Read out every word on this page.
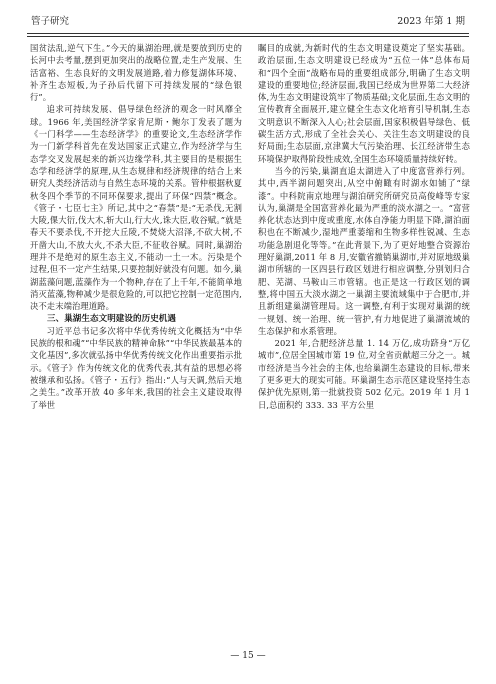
管子研究	2023 年第 1 期

国贫法乱,逆气下生。”今天的巢湖治理,就是要放到历史的长河中去考量,摆到更加突出的战略位置,走生产发展、生活富裕、生态良好的文明发展道路,着力修复湖体环境、补齐生态短板,为子孙后代留下可持续发展的“绿色银行”。

追求可持续发展、倡导绿色经济的观念一时风靡全球。1966 年,美国经济学家肯尼斯・鲍尔丁发表了题为《一门科学——生态经济学》的重要论文,生态经济学作为一门新学科首先在发达国家正式建立,作为经济学与生态学交叉发展起来的新兴边缘学科,其主要目的是根据生态学和经济学的原理,从生态规律和经济规律的结合上来研究人类经济活动与自然生态环境的关系。管仲根据秋夏秋冬四个季节的不同环保要求,提出了环保“四禁”概念。《管子・七臣七主》所记,其中之“春禁”是:“无杀伐,无割大陵,倮大衍,伐大木,斩大山,行大火,诛大臣,收谷赋。”就是春天不要杀伐,不开挖大丘陵,不焚烧大沼泽,不砍大树,不开凿大山,不放大火,不杀大臣,不征收谷赋。同时,巢湖治理并不是绝对的原生态主义,不能动一土一木。污染是个过程,但不一定产生结果,只要控制好就没有问题。如今,巢湖蓝藻问题,蓝藻作为一个物种,存在了上千年,不能简单地消灭蓝藻,物种减少是很危险的,可以把它控制一定范围内,决不走末端治理道路。

三、巢湖生态文明建设的历史机遇

习近平总书记多次将中华优秀传统文化概括为“中华民族的根和魂”“中华民族的精神命脉”“中华民族最基本的文化基因”,多次就弘扬中华优秀传统文化作出重要指示批示。《管子》作为传统文化的优秀代表,其有益的思想必将被继承和弘扬。《管子・五行》指出:“人与天调,然后天地之美生。”改革开放 40 多年来,我国的社会主义建设取得了举世

瞩目的成就,为新时代的生态文明建设奠定了坚实基础。政治层面,生态文明建设已经成为“五位一体”总体布局和“四个全面”战略布局的重要组成部分,明确了生态文明建设的重要地位;经济层面,我国已经成为世界第二大经济体,为生态文明建设筑牢了物质基础;文化层面,生态文明的宣传教育全面展开,建立健全生态文化培育引导机制,生态文明意识不断深入人心;社会层面,国家积极倡导绿色、低碳生活方式,形成了全社会关心、关注生态文明建设的良好局面;生态层面,京津冀大气污染治理、长江经济带生态环境保护取得阶段性成效,全国生态环境质量持续好转。

当今的污染,巢湖直追太湖进入了中度富营养行列。其中,西半湖问题突出,从空中俯瞰有时湖水如铺了“绿漆”。中科院南京地理与湖泊研究所研究员高俊峰等专家认为,巢湖是全国富营养化最为严重的淡水湖之一。“富营养化状态达到中度或重度,水体自净能力明显下降,湖泊面积也在不断减少,湿地严重萎缩和生物多样性锐减、生态功能急剧退化等等。”在此背景下,为了更好地整合资源治理好巢湖,2011 年 8 月,安徽省撤销巢湖市,并对原地级巢湖市所辖的一区四县行政区划进行相应调整,分别划归合肥、芜湖、马鞍山三市管辖。也正是这一行政区划的调整,将中国五大淡水湖之一巢湖主要流域集中于合肥市,并且新组建巢湖管理局。这一调整,有利于实现对巢湖的统一规划、统一治理、统一管护,有力地促进了巢湖流域的生态保护和水系管理。

2021 年,合肥经济总量 1. 14 万亿,成功跻身“万亿城市”,位居全国城市第 19 位,对全省贡献超三分之一。城市经济是当今社会的主体,也给巢湖生态建设的目标,带来了更多更大的现实可能。环巢湖生态示范区建设坚持生态保护优先原则,第一批就投资 502 亿元。2019 年 1 月 1 日,总面积约 333. 33 平方公里

— 15 —
